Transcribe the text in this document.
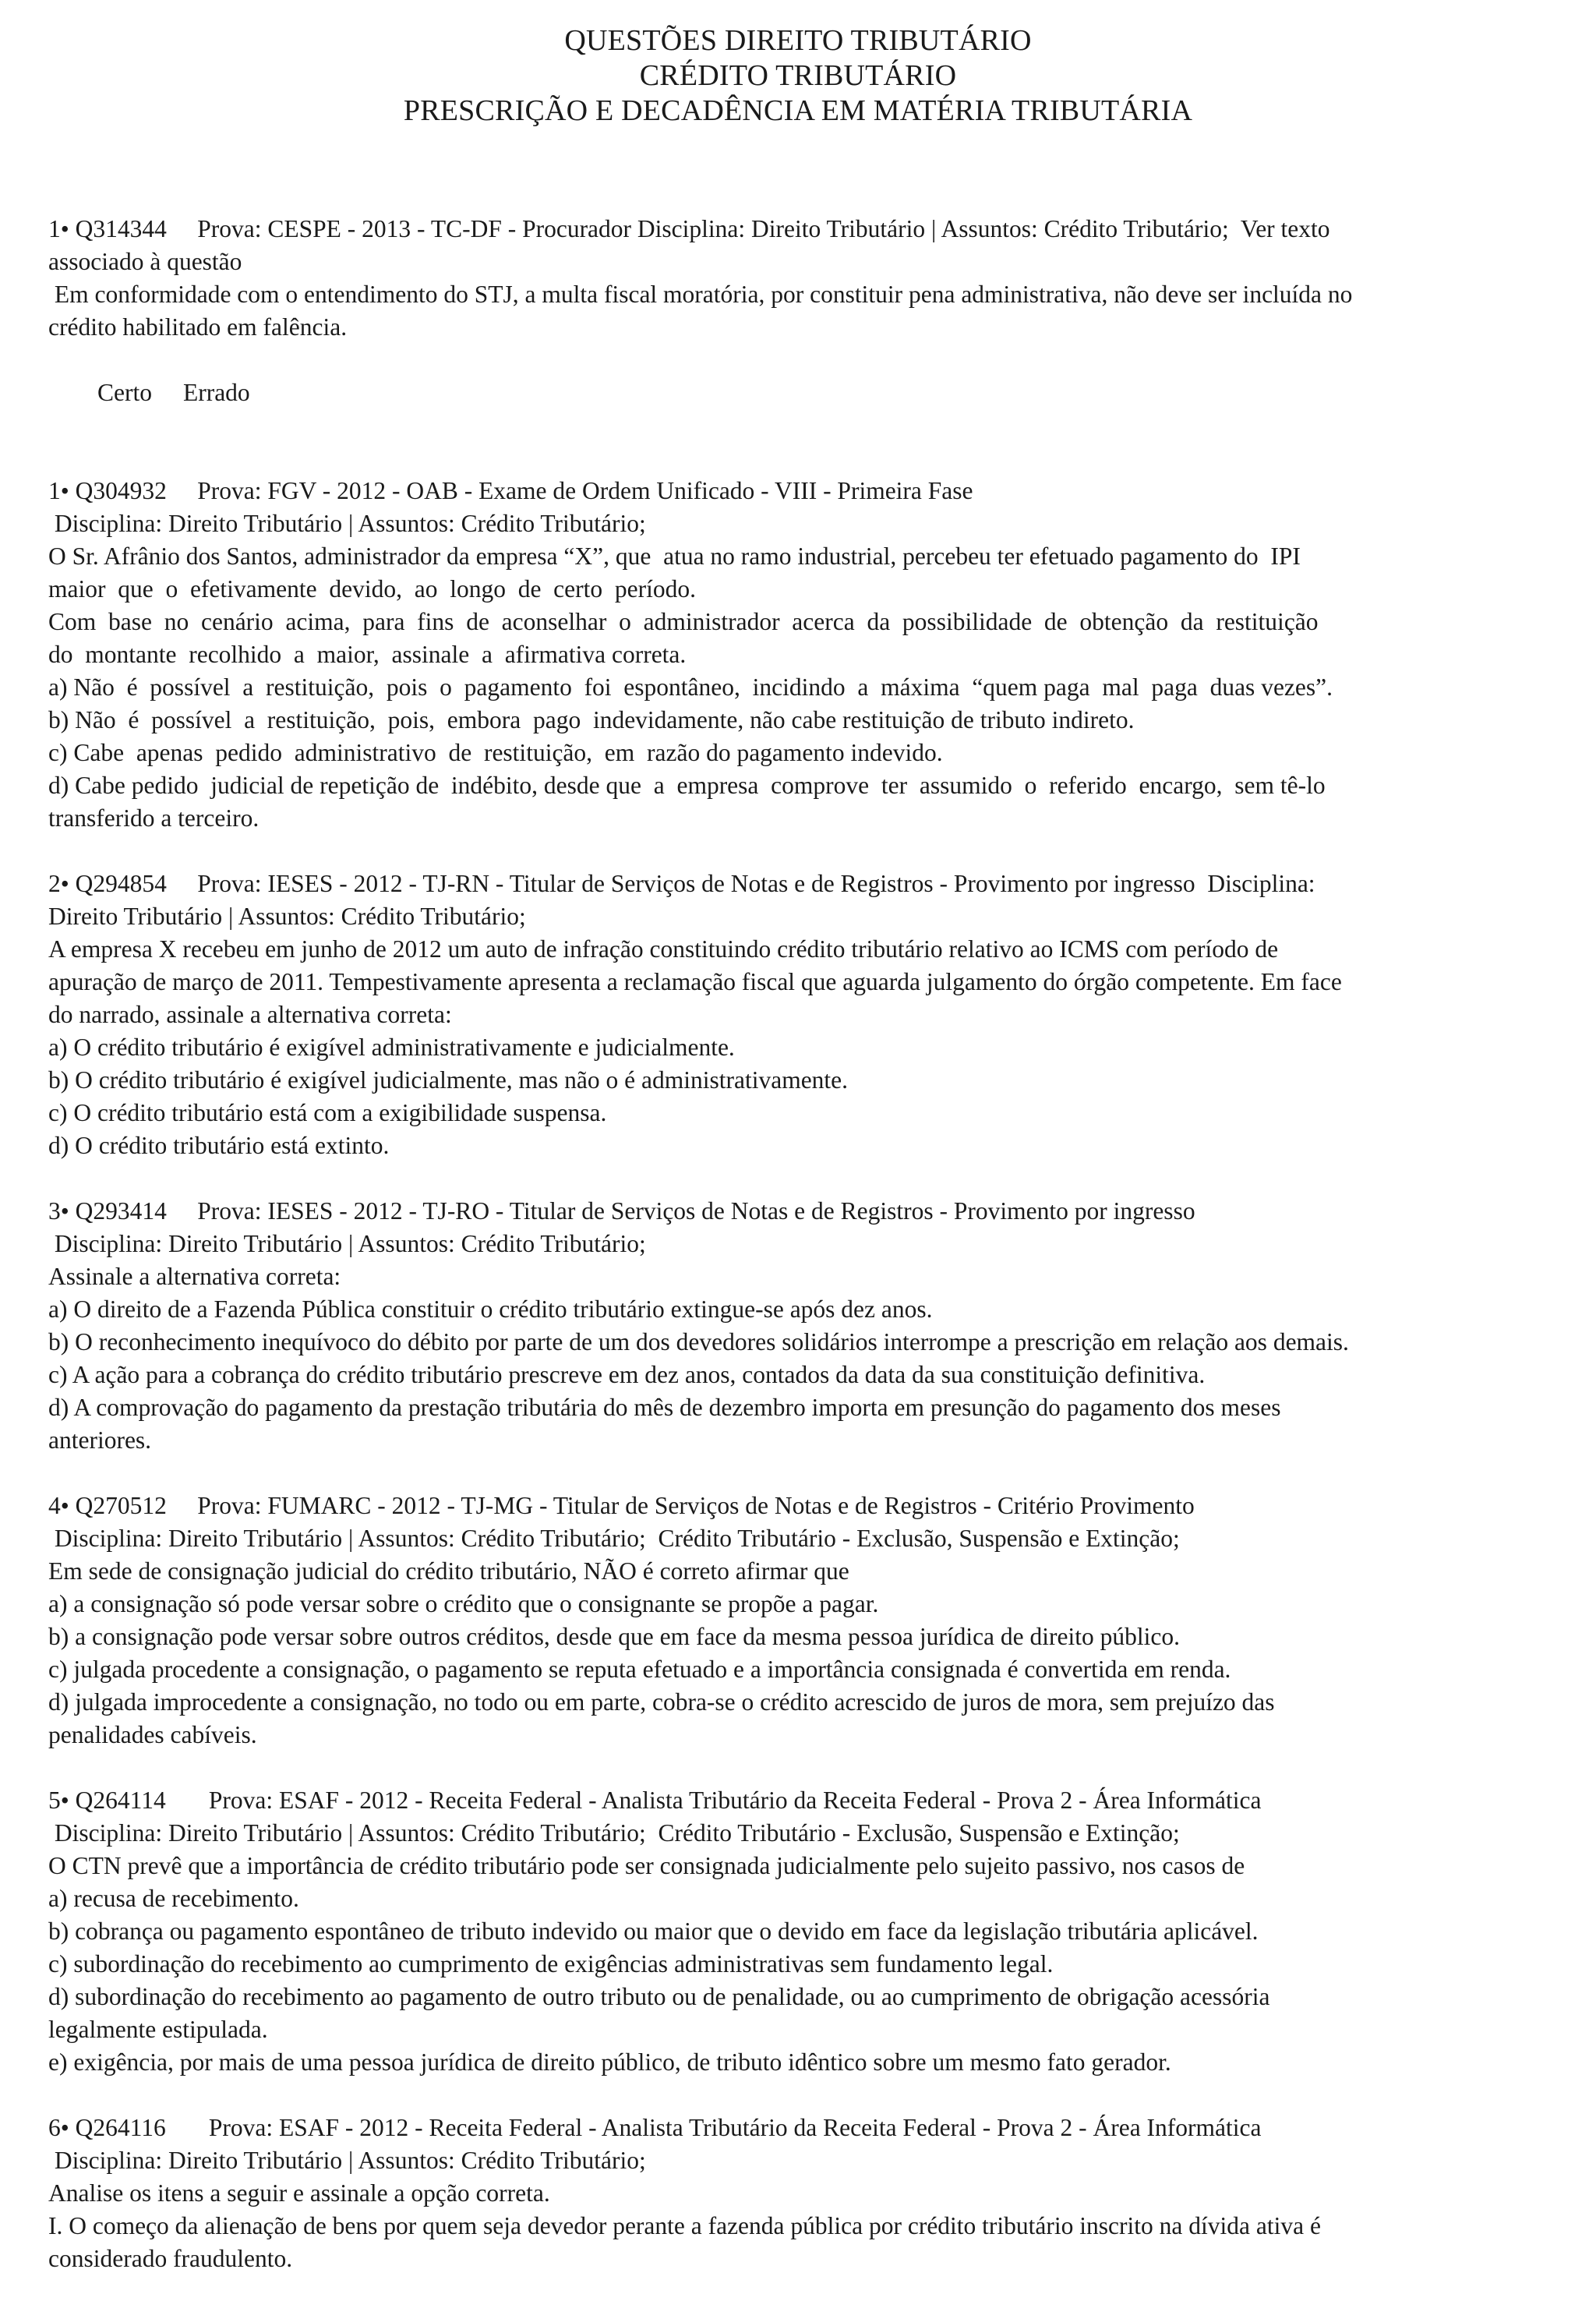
QUESTÕES DIREITO TRIBUTÁRIO
CRÉDITO TRIBUTÁRIO
PRESCRIÇÃO E DECADÊNCIA EM MATÉRIA TRIBUTÁRIA
1• Q314344     Prova: CESPE - 2013 - TC-DF - Procurador Disciplina: Direito Tributário | Assuntos: Crédito Tributário;  Ver texto
associado à questão
Em conformidade com o entendimento do STJ, a multa fiscal moratória, por constituir pena administrativa, não deve ser incluída no
crédito habilitado em falência.

Certo Errado

1• Q304932     Prova: FGV - 2012 - OAB - Exame de Ordem Unificado - VIII - Primeira Fase
Disciplina: Direito Tributário | Assuntos: Crédito Tributário;
O Sr. Afrânio dos Santos, administrador da empresa “X”, que  atua no ramo industrial, percebeu ter efetuado pagamento do  IPI
maior  que  o  efetivamente  devido,  ao  longo  de  certo  período.
Com  base  no  cenário  acima,  para  fins  de  aconselhar  o  administrador  acerca  da  possibilidade  de  obtenção  da  restituição
do  montante  recolhido  a  maior,  assinale  a  afirmativa correta.
a) Não  é  possível  a  restituição,  pois  o  pagamento  foi  espontâneo,  incidindo  a  máxima  “quem paga  mal  paga  duas vezes”.
b) Não  é  possível  a  restituição,  pois,  embora  pago  indevidamente, não cabe restituição de tributo indireto.
c) Cabe  apenas  pedido  administrativo  de  restituição,  em  razão do pagamento indevido.
d) Cabe pedido  judicial de repetição de  indébito, desde que  a  empresa  comprove  ter  assumido  o  referido  encargo,  sem tê-lo
transferido a terceiro.
2• Q294854     Prova: IESES - 2012 - TJ-RN - Titular de Serviços de Notas e de Registros - Provimento por ingresso  Disciplina:
Direito Tributário | Assuntos: Crédito Tributário;
A empresa X recebeu em junho de 2012 um auto de infração constituindo crédito tributário relativo ao ICMS com período de
apuração de março de 2011. Tempestivamente apresenta a reclamação fiscal que aguarda julgamento do órgão competente. Em face
do narrado, assinale a alternativa correta:
a) O crédito tributário é exigível administrativamente e judicialmente.
b) O crédito tributário é exigível judicialmente, mas não o é administrativamente.
c) O crédito tributário está com a exigibilidade suspensa.
d) O crédito tributário está extinto.
3• Q293414     Prova: IESES - 2012 - TJ-RO - Titular de Serviços de Notas e de Registros - Provimento por ingresso
Disciplina: Direito Tributário | Assuntos: Crédito Tributário;
Assinale a alternativa correta:
a) O direito de a Fazenda Pública constituir o crédito tributário extingue-se após dez anos.
b) O reconhecimento inequívoco do débito por parte de um dos devedores solidários interrompe a prescrição em relação aos demais.
c) A ação para a cobrança do crédito tributário prescreve em dez anos, contados da data da sua constituição definitiva.
d) A comprovação do pagamento da prestação tributária do mês de dezembro importa em presunção do pagamento dos meses
anteriores.
4• Q270512     Prova: FUMARC - 2012 - TJ-MG - Titular de Serviços de Notas e de Registros - Critério Provimento
Disciplina: Direito Tributário | Assuntos: Crédito Tributário;  Crédito Tributário - Exclusão, Suspensão e Extinção;
Em sede de consignação judicial do crédito tributário, NÃO é correto afirmar que
a) a consignação só pode versar sobre o crédito que o consignante se propõe a pagar.
b) a consignação pode versar sobre outros créditos, desde que em face da mesma pessoa jurídica de direito público.
c) julgada procedente a consignação, o pagamento se reputa efetuado e a importância consignada é convertida em renda.
d) julgada improcedente a consignação, no todo ou em parte, cobra-se o crédito acrescido de juros de mora, sem prejuízo das
penalidades cabíveis.
5• Q264114       Prova: ESAF - 2012 - Receita Federal - Analista Tributário da Receita Federal - Prova 2 - Área Informática
Disciplina: Direito Tributário | Assuntos: Crédito Tributário;  Crédito Tributário - Exclusão, Suspensão e Extinção;
O CTN prevê que a importância de crédito tributário pode ser consignada judicialmente pelo sujeito passivo, nos casos de
a) recusa de recebimento.
b) cobrança ou pagamento espontâneo de tributo indevido ou maior que o devido em face da legislação tributária aplicável.
c) subordinação do recebimento ao cumprimento de exigências administrativas sem fundamento legal.
d) subordinação do recebimento ao pagamento de outro tributo ou de penalidade, ou ao cumprimento de obrigação acessória
legalmente estipulada.
e) exigência, por mais de uma pessoa jurídica de direito público, de tributo idêntico sobre um mesmo fato gerador.
6• Q264116       Prova: ESAF - 2012 - Receita Federal - Analista Tributário da Receita Federal - Prova 2 - Área Informática
Disciplina: Direito Tributário | Assuntos: Crédito Tributário;
Analise os itens a seguir e assinale a opção correta.
I. O começo da alienação de bens por quem seja devedor perante a fazenda pública por crédito tributário inscrito na dívida ativa é
considerado fraudulento.
